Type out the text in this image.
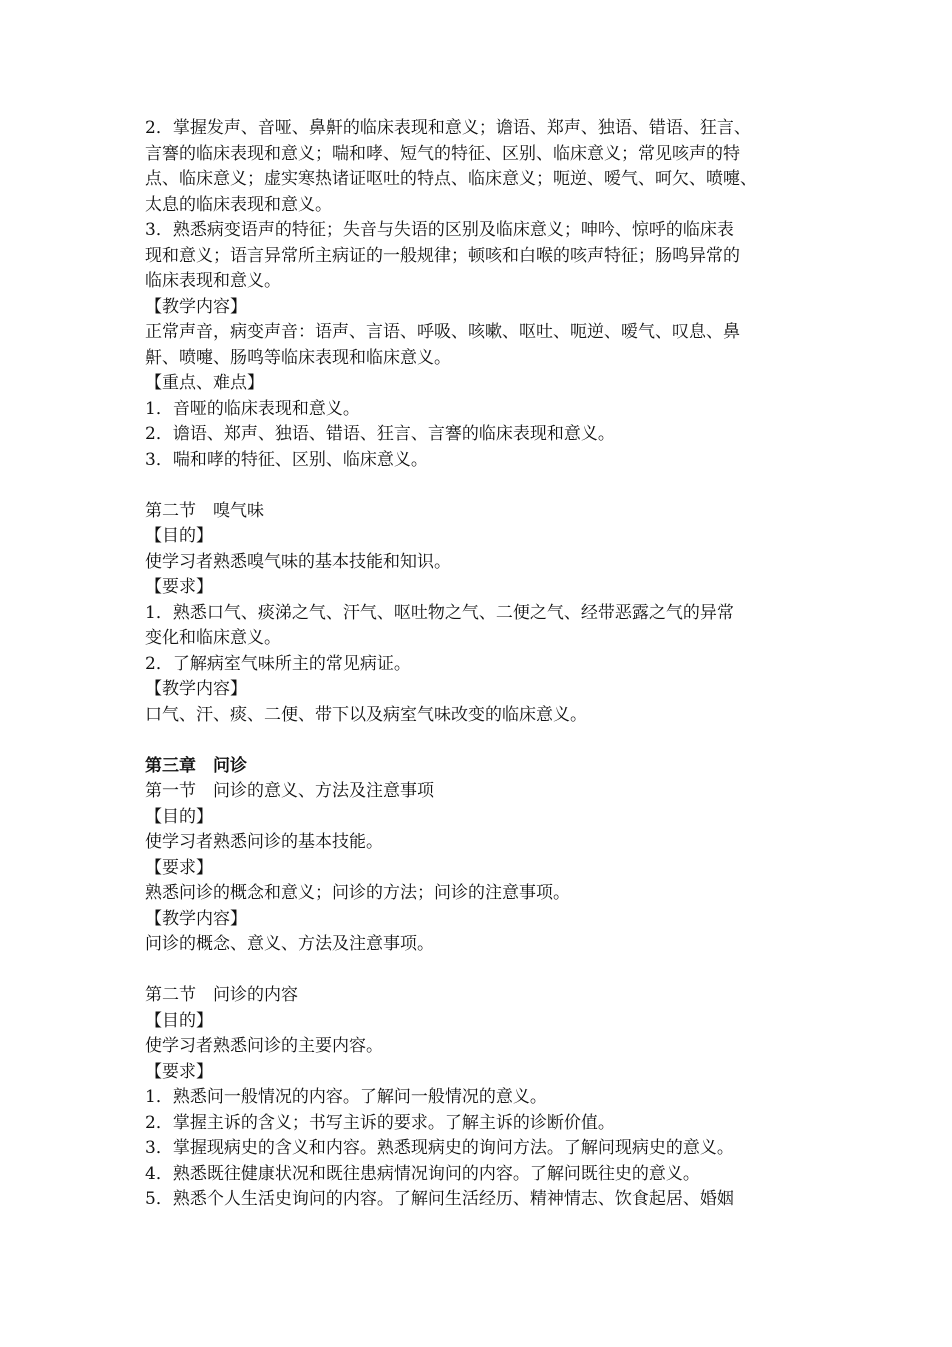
2．掌握发声、音哑、鼻鼾的临床表现和意义；谵语、郑声、独语、错语、狂言、
言謇的临床表现和意义；喘和哮、短气的特征、区别、临床意义；常见咳声的特
点、临床意义；虚实寒热诸证呕吐的特点、临床意义；呃逆、嗳气、呵欠、喷嚏、
太息的临床表现和意义。
3．熟悉病变语声的特征；失音与失语的区别及临床意义；呻吟、惊呼的临床表
现和意义；语言异常所主病证的一般规律；顿咳和白喉的咳声特征；肠鸣异常的
临床表现和意义。
【教学内容】
正常声音，病变声音：语声、言语、呼吸、咳嗽、呕吐、呃逆、嗳气、叹息、鼻
鼾、喷嚏、肠鸣等临床表现和临床意义。
【重点、难点】
1．音哑的临床表现和意义。
2．谵语、郑声、独语、错语、狂言、言謇的临床表现和意义。
3．喘和哮的特征、区别、临床意义。
第二节　嗅气味
【目的】
使学习者熟悉嗅气味的基本技能和知识。
【要求】
1．熟悉口气、痰涕之气、汗气、呕吐物之气、二便之气、经带恶露之气的异常
变化和临床意义。
2．了解病室气味所主的常见病证。
【教学内容】
口气、汗、痰、二便、带下以及病室气味改变的临床意义。
第三章　问诊
第一节　问诊的意义、方法及注意事项
【目的】
使学习者熟悉问诊的基本技能。
【要求】
熟悉问诊的概念和意义；问诊的方法；问诊的注意事项。
【教学内容】
问诊的概念、意义、方法及注意事项。
第二节　问诊的内容
【目的】
使学习者熟悉问诊的主要内容。
【要求】
1．熟悉问一般情况的内容。了解问一般情况的意义。
2．掌握主诉的含义；书写主诉的要求。了解主诉的诊断价值。
3．掌握现病史的含义和内容。熟悉现病史的询问方法。了解问现病史的意义。
4．熟悉既往健康状况和既往患病情况询问的内容。了解问既往史的意义。
5．熟悉个人生活史询问的内容。了解问生活经历、精神情志、饮食起居、婚姻
